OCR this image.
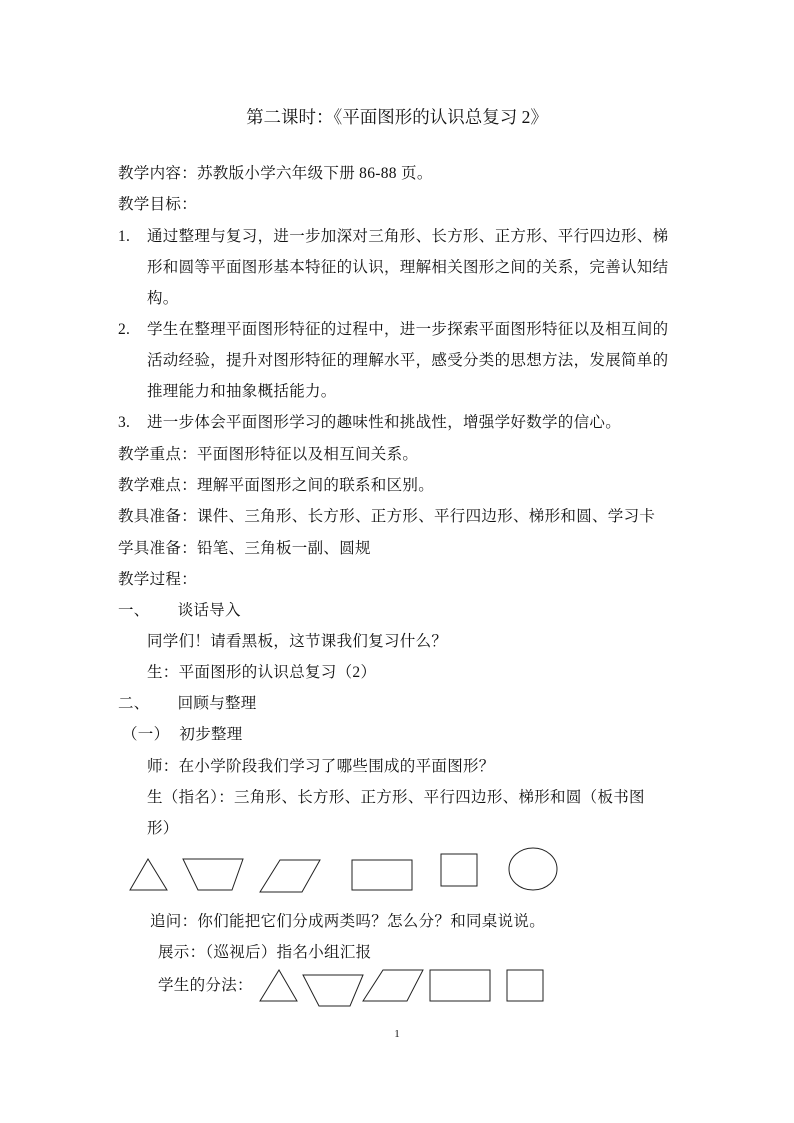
第二课时：《平面图形的认识总复习 2》
教学内容：苏教版小学六年级下册 86-88 页。
教学目标：
1. 通过整理与复习，进一步加深对三角形、长方形、正方形、平行四边形、梯
形和圆等平面图形基本特征的认识，理解相关图形之间的关系，完善认知结
构。
2. 学生在整理平面图形特征的过程中，进一步探索平面图形特征以及相互间的
活动经验，提升对图形特征的理解水平，感受分类的思想方法，发展简单的
推理能力和抽象概括能力。
3. 进一步体会平面图形学习的趣味性和挑战性，增强学好数学的信心。
教学重点：平面图形特征以及相互间关系。
教学难点：理解平面图形之间的联系和区别。
教具准备：课件、三角形、长方形、正方形、平行四边形、梯形和圆、学习卡
学具准备：铅笔、三角板一副、圆规
教学过程：
一、 谈话导入
同学们！请看黑板，这节课我们复习什么？
生：平面图形的认识总复习（2）
二、 回顾与整理
（一） 初步整理
师：在小学阶段我们学习了哪些围成的平面图形？
生（指名）：三角形、长方形、正方形、平行四边形、梯形和圆（板书图
形）
追问：你们能把它们分成两类吗？怎么分？和同桌说说。
展示：（巡视后）指名小组汇报
学生的分法：
1
